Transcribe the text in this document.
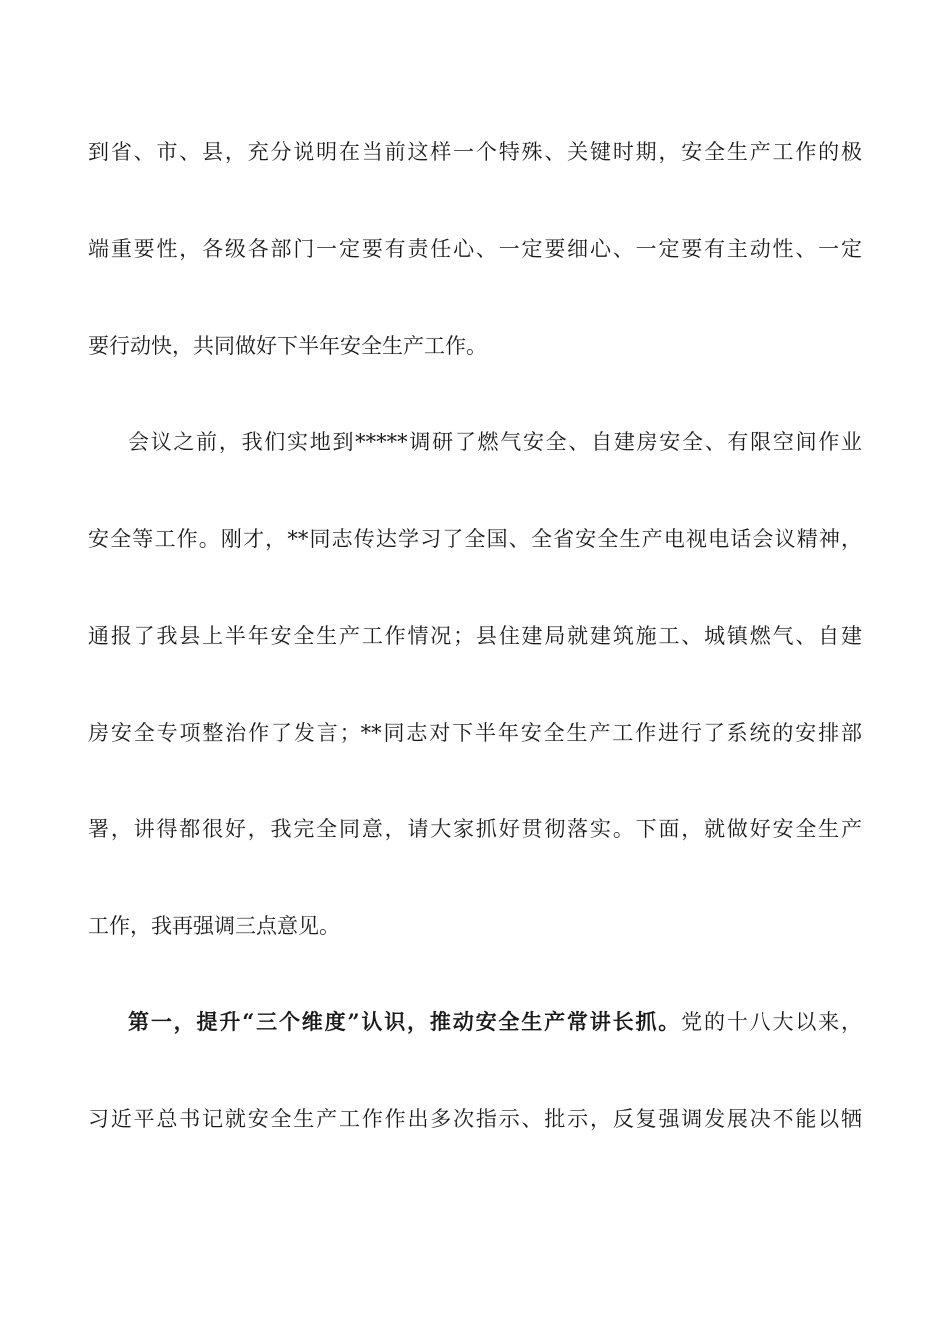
到省、市、县，充分说明在当前这样一个特殊、关键时期，安全生产工作的极
端重要性，各级各部门一定要有责任心、一定要细心、一定要有主动性、一定
要行动快，共同做好下半年安全生产工作。
会议之前，我们实地到*****调研了燃气安全、自建房安全、有限空间作业
安全等工作。刚才，**同志传达学习了全国、全省安全生产电视电话会议精神，
通报了我县上半年安全生产工作情况；县住建局就建筑施工、城镇燃气、自建
房安全专项整治作了发言；**同志对下半年安全生产工作进行了系统的安排部
署，讲得都很好，我完全同意，请大家抓好贯彻落实。下面，就做好安全生产
工作，我再强调三点意见。
第一，提升“三个维度”认识，推动安全生产常讲长抓。党的十八大以来，
习近平总书记就安全生产工作作出多次指示、批示，反复强调发展决不能以牺
